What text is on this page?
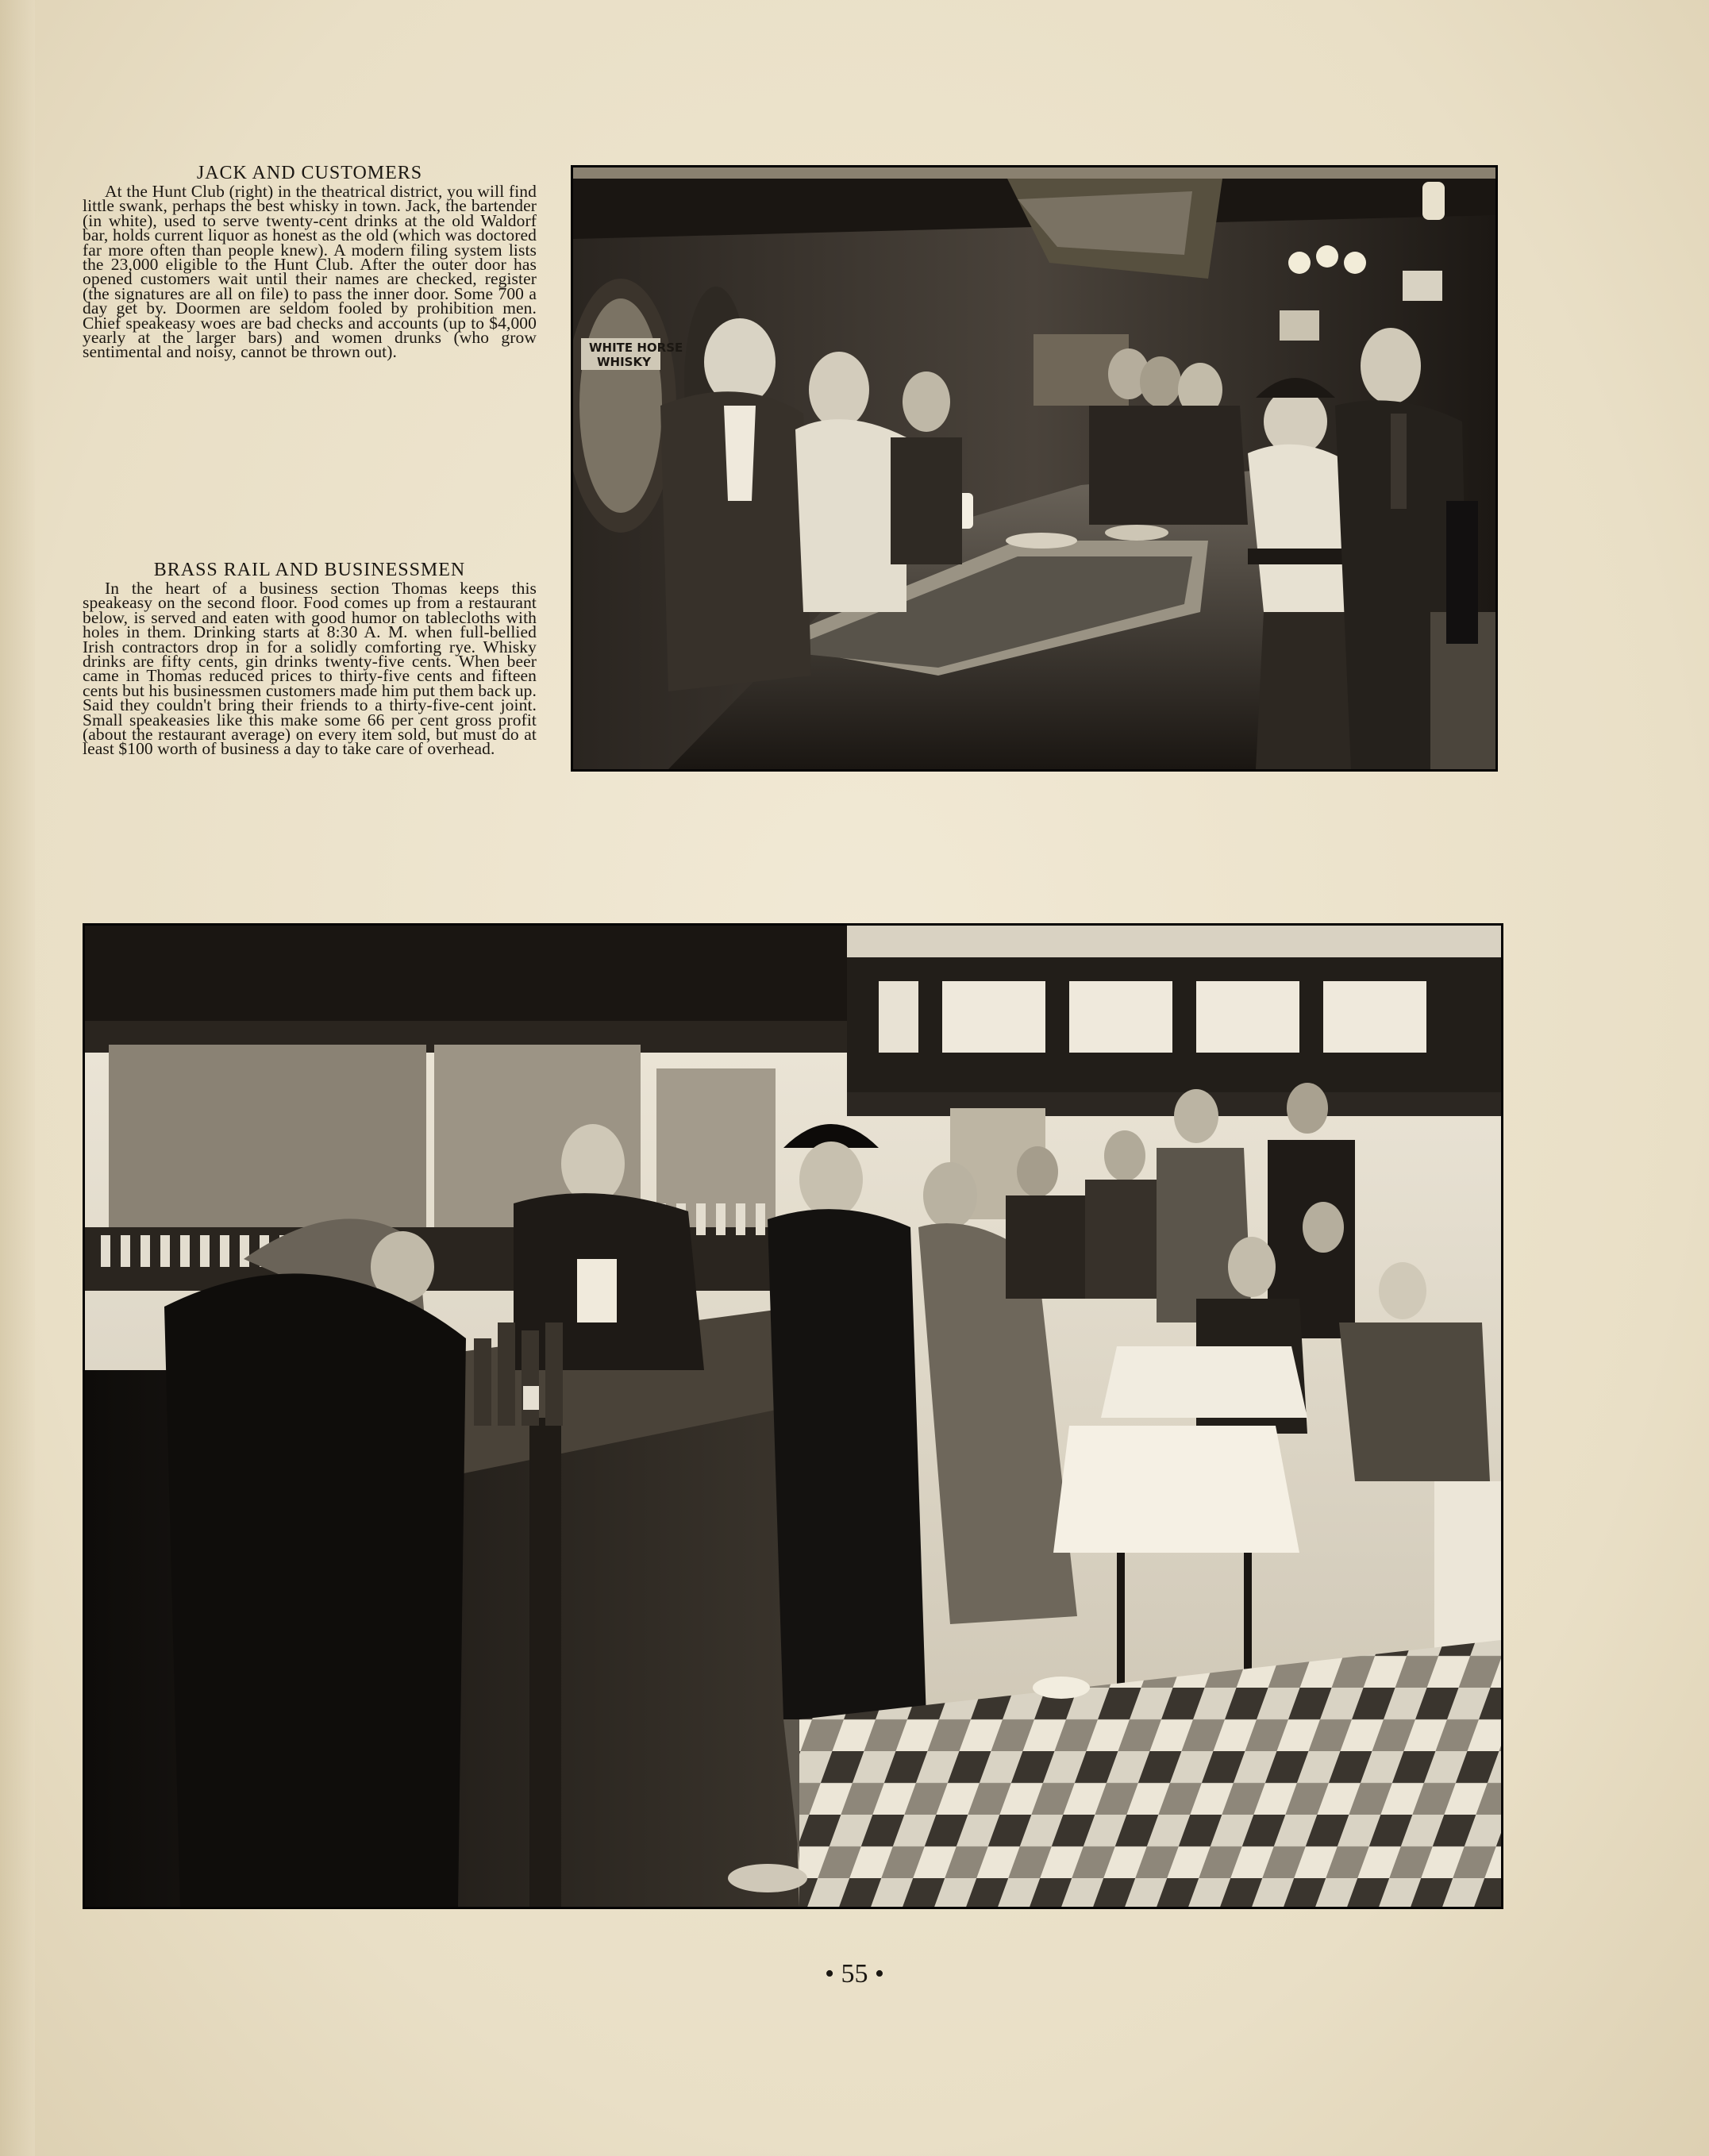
JACK AND CUSTOMERS

At the Hunt Club (right) in the theatrical district, you will find little swank, perhaps the best whisky in town. Jack, the bartender (in white), used to serve twenty-cent drinks at the old Waldorf bar, holds current liquor as honest as the old (which was doctored far more often than people knew). A modern filing system lists the 23,000 eligible to the Hunt Club. After the outer door has opened customers wait until their names are checked, register (the signatures are all on file) to pass the inner door. Some 700 a day get by. Doormen are seldom fooled by prohibition men. Chief speakeasy woes are bad checks and accounts (up to $4,000 yearly at the larger bars) and women drunks (who grow sentimental and noisy, cannot be thrown out).

BRASS RAIL AND BUSINESSMEN

In the heart of a business section Thomas keeps this speakeasy on the second floor. Food comes up from a restaurant below, is served and eaten with good humor on tablecloths with holes in them. Drinking starts at 8:30 A. M. when full-bellied Irish contractors drop in for a solidly comforting rye. Whisky drinks are fifty cents, gin drinks twenty-five cents. When beer came in Thomas reduced prices to thirty-five cents and fifteen cents but his businessmen customers made him put them back up. Said they couldn't bring their friends to a thirty-five-cent joint. Small speakeasies like this make some 66 per cent gross profit (about the restaurant average) on every item sold, but must do at least $100 worth of business a day to take care of overhead.

WHITE HORSE
WHISKY
• 55 •
